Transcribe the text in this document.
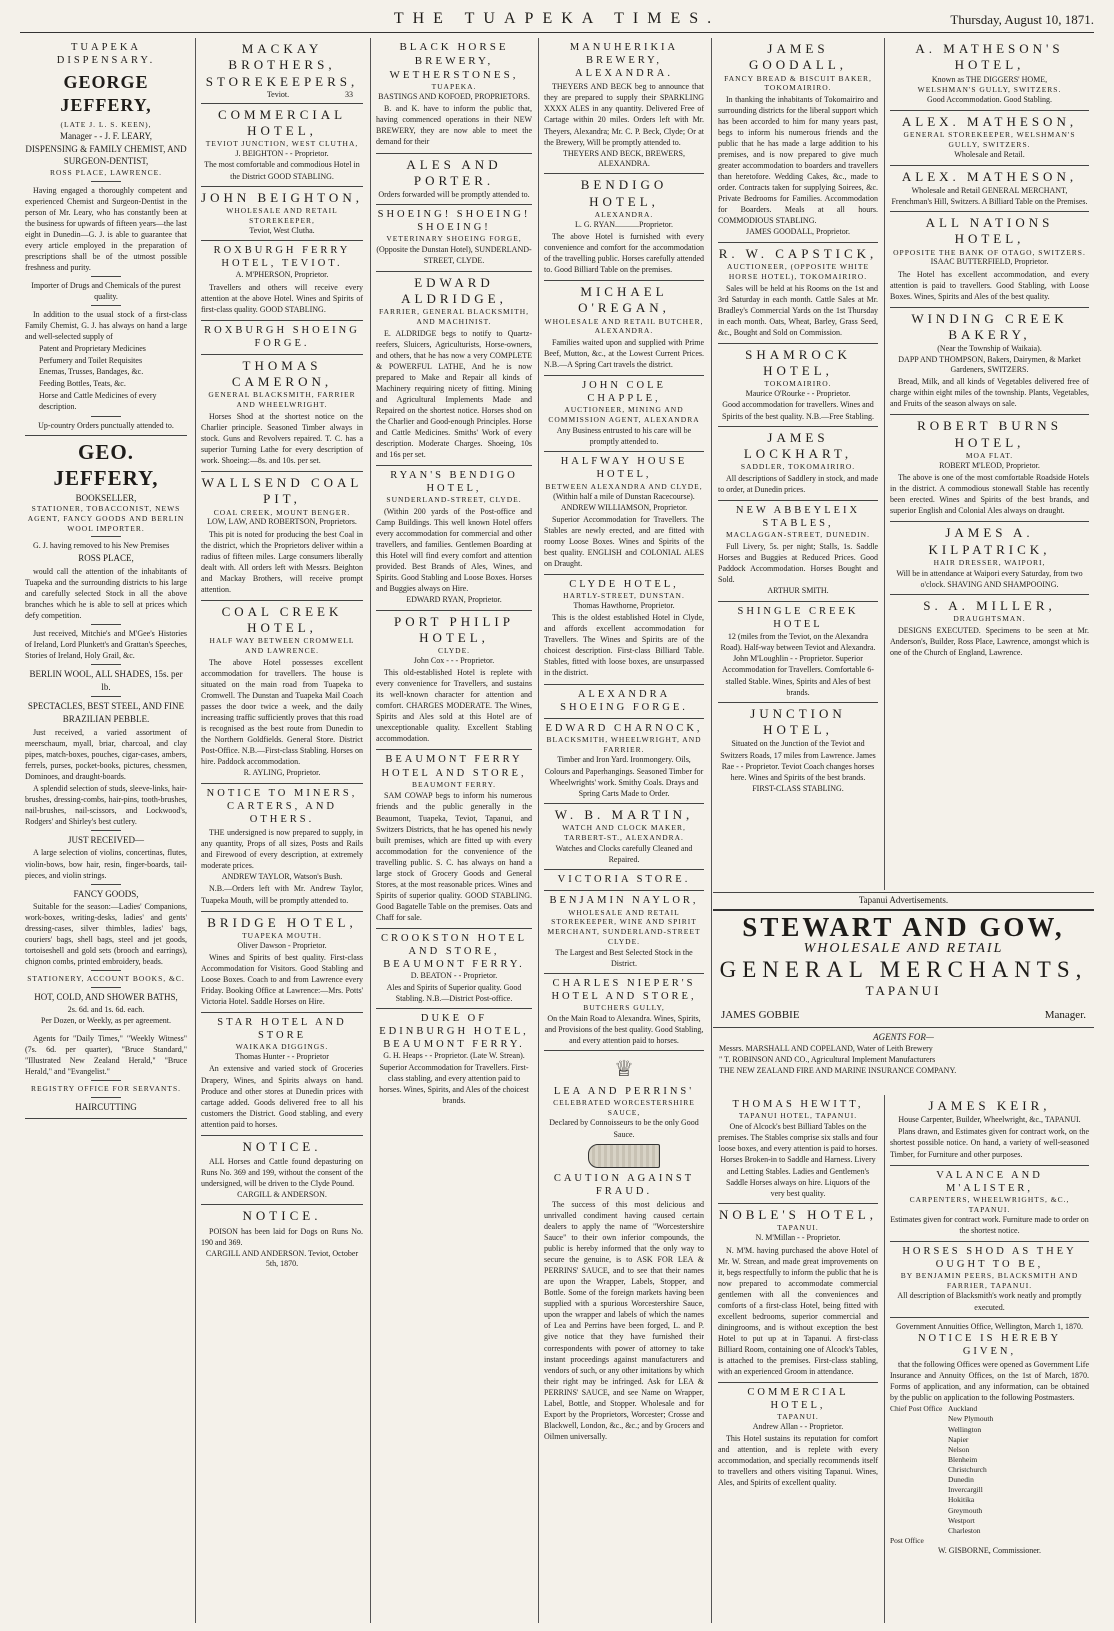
THE TUAPEKA TIMES.	Thursday, August 10, 1871.
TUAPEKA DISPENSARY.
GEORGE JEFFERY,
(LATE J. L. S. KEEN),
Manager - - J. F. LEARY,
DISPENSING & FAMILY CHEMIST, AND SURGEON-DENTIST,
ROSS PLACE, LAWRENCE.

Having engaged a thoroughly competent and experienced Chemist and Surgeon-Dentist in the person of Mr. Leary, who has constantly been at the business for upwards of fifteen years—the last eight in Dunedin—G. J. is able to guarantee that every article employed in the preparation of prescriptions shall be of the utmost possible freshness and purity.

Importer of Drugs and Chemicals of the purest quality.

In addition to the usual stock of a first-class Family Chemist, G. J. has always on hand a large and well-selected supply of

Patent and Proprietary Medicines
Perfumery and Toilet Requisites
Enemas, Trusses, Bandages, &c.
Feeding Bottles, Teats, &c.
Horse and Cattle Medicines of every description.
Up-country Orders punctually attended to.
GEO. JEFFERY,
BOOKSELLER,
STATIONER, TOBACCONIST, NEWS AGENT, FANCY GOODS AND BERLIN WOOL IMPORTER.

G. J. having removed to his New Premises

ROSS PLACE,

would call the attention of the inhabitants of Tuapeka and the surrounding districts to his large and carefully selected Stock in all the above branches which he is able to sell at prices which defy competition.

Just received, Mitchie's and M'Gee's Histories of Ireland, Lord Plunkett's and Grattan's Speeches, Stories of Ireland, Holy Grail, &c.

BERLIN WOOL, ALL SHADES, 15s. per lb.
SPECTACLES, BEST STEEL, AND FINE BRAZILIAN PEBBLE.

Just received, a varied assortment of meerschaum, myall, briar, charcoal, and clay pipes, match-boxes, pouches, cigar-cases, ambers, ferrels, purses, pocket-books, pictures, chessmen, Dominoes, and draught-boards.

A splendid selection of studs, sleeve-links, hair-brushes, dressing-combs, hair-pins, tooth-brushes, nail-brushes, nail-scissors, and Lockwood's, Rodgers' and Shirley's best cutlery.

JUST RECEIVED—

A large selection of violins, concertinas, flutes, violin-bows, bow hair, resin, finger-boards, tail-pieces, and violin strings.

FANCY GOODS,

Suitable for the season:—Ladies' Companions, work-boxes, writing-desks, ladies' and gents' dressing-cases, silver thimbles, ladies' bags, couriers' bags, shell bags, steel and jet goods, tortoiseshell and gold sets (brooch and earrings), chignon combs, printed embroidery, beads.

STATIONERY, ACCOUNT BOOKS, &C.
HOT, COLD, AND SHOWER BATHS,
2s. 6d. and 1s. 6d. each.
Per Dozen, or Weekly, as per agreement.

Agents for "Daily Times," "Weekly Witness" (7s. 6d. per quarter), "Bruce Standard," "Illustrated New Zealand Herald," "Bruce Herald," and "Evangelist."

REGISTRY OFFICE FOR SERVANTS.
HAIRCUTTING
MACKAY BROTHERS, STOREKEEPERS,
Teviot.	33
COMMERCIAL HOTEL,
TEVIOT JUNCTION, WEST CLUTHA,
J. BEIGHTON - - Proprietor.
The most comfortable and commodious Hotel in the District GOOD STABLING.
JOHN BEIGHTON,
WHOLESALE AND RETAIL STOREKEEPER,
Teviot, West Clutha.
ROXBURGH FERRY HOTEL, TEVIOT.
A. M'PHERSON, Proprietor.

Travellers and others will receive every attention at the above Hotel. Wines and Spirits of first-class quality. GOOD STABLING.

ROXBURGH SHOEING FORGE.
THOMAS CAMERON,
GENERAL BLACKSMITH, FARRIER AND WHEELWRIGHT.

Horses Shod at the shortest notice on the Charlier principle. Seasoned Timber always in stock. Guns and Revolvers repaired. T. C. has a superior Turning Lathe for every description of work. Shoeing:—8s. and 10s. per set.

WALLSEND COAL PIT,
COAL CREEK, MOUNT BENGER.
LOW, LAW, AND ROBERTSON, Proprietors.

This pit is noted for producing the best Coal in the district, which the Proprietors deliver within a radius of fifteen miles. Large consumers liberally dealt with. All orders left with Messrs. Beighton and Mackay Brothers, will receive prompt attention.

COAL CREEK HOTEL,
HALF WAY BETWEEN CROMWELL AND LAWRENCE.

The above Hotel possesses excellent accommodation for travellers. The house is situated on the main road from Tuapeka to Cromwell. The Dunstan and Tuapeka Mail Coach passes the door twice a week, and the daily increasing traffic sufficiently proves that this road is recognised as the best route from Dunedin to the Northern Goldfields. General Store. District Post-Office. N.B.—First-class Stabling. Horses on hire. Paddock accommodation.

R. AYLING, Proprietor.
NOTICE TO MINERS, CARTERS, AND OTHERS.

THE undersigned is now prepared to supply, in any quantity, Props of all sizes, Posts and Rails and Firewood of every description, at extremely moderate prices.

ANDREW TAYLOR, Watson's Bush.

N.B.—Orders left with Mr. Andrew Taylor, Tuapeka Mouth, will be promptly attended to.

BRIDGE HOTEL,
TUAPEKA MOUTH.
Oliver Dawson - Proprietor.

Wines and Spirits of best quality. First-class Accommodation for Visitors. Good Stabling and Loose Boxes. Coach to and from Lawrence every Friday. Booking Office at Lawrence:—Mrs. Potts' Victoria Hotel. Saddle Horses on Hire.

STAR HOTEL AND STORE
WAIKAKA DIGGINGS.
Thomas Hunter - - Proprietor

An extensive and varied stock of Groceries Drapery, Wines, and Spirits always on hand. Produce and other stores at Dunedin prices with cartage added. Goods delivered free to all his customers the District. Good stabling, and every attention paid to horses.

NOTICE.

ALL Horses and Cattle found depasturing on Runs No. 369 and 199, without the consent of the undersigned, will be driven to the Clyde Pound.

CARGILL & ANDERSON.
NOTICE.

POISON has been laid for Dogs on Runs No. 190 and 369.

CARGILL AND ANDERSON. Teviot, October 5th, 1870.
BLACK HORSE BREWERY, WETHERSTONES,
TUAPEKA.
BASTINGS AND KOFOED, PROPRIETORS.

B. and K. have to inform the public that, having commenced operations in their NEW BREWERY, they are now able to meet the demand for their

ALES AND PORTER.
Orders forwarded will be promptly attended to.
SHOEING! SHOEING! SHOEING!
VETERINARY SHOEING FORGE,
(Opposite the Dunstan Hotel), SUNDERLAND-STREET, CLYDE.
EDWARD ALDRIDGE,
FARRIER, GENERAL BLACKSMITH, AND MACHINIST.

E. ALDRIDGE begs to notify to Quartz-reefers, Sluicers, Agriculturists, Horse-owners, and others, that he has now a very COMPLETE & POWERFUL LATHE, And he is now prepared to Make and Repair all kinds of Machinery requiring nicety of fitting. Mining and Agricultural Implements Made and Repaired on the shortest notice. Horses shod on the Charlier and Good-enough Principles. Horse and Cattle Medicines. Smiths' Work of every description. Moderate Charges. Shoeing, 10s and 16s per set.

RYAN'S BENDIGO HOTEL,
SUNDERLAND-STREET, CLYDE.

(Within 200 yards of the Post-office and Camp Buildings. This well known Hotel offers every accommodation for commercial and other travellers, and families. Gentlemen Boarding at this Hotel will find every comfort and attention provided. Best Brands of Ales, Wines, and Spirits. Good Stabling and Loose Boxes. Horses and Buggies always on Hire.

EDWARD RYAN, Proprietor.
PORT PHILIP HOTEL,
CLYDE.
John Cox - - - Proprietor.

This old-established Hotel is replete with every convenience for Travellers, and sustains its well-known character for attention and comfort. CHARGES MODERATE. The Wines, Spirits and Ales sold at this Hotel are of unexceptionable quality. Excellent Stabling accommodation.

BEAUMONT FERRY HOTEL AND STORE,
BEAUMONT FERRY.

SAM COWAP begs to inform his numerous friends and the public generally in the Beaumont, Tuapeka, Teviot, Tapanui, and Switzers Districts, that he has opened his newly built premises, which are fitted up with every accommodation for the convenience of the travelling public. S. C. has always on hand a large stock of Grocery Goods and General Stores, at the most reasonable prices. Wines and Spirits of superior quality. GOOD STABLING. Good Bagatelle Table on the premises. Oats and Chaff for sale.

CROOKSTON HOTEL AND STORE, BEAUMONT FERRY.
D. BEATON - - Proprietor.
Ales and Spirits of Superior quality. Good Stabling. N.B.—District Post-office.
DUKE OF EDINBURGH HOTEL, BEAUMONT FERRY.
G. H. Heaps - - Proprietor. (Late W. Strean).
Superior Accommodation for Travellers. First-class stabling, and every attention paid to horses. Wines, Spirits, and Ales of the choicest brands.
MANUHERIKIA BREWERY, ALEXANDRA.

THEYERS AND BECK beg to announce that they are prepared to supply their SPARKLING XXXX ALES in any quantity. Delivered Free of Cartage within 20 miles. Orders left with Mr. Theyers, Alexandra; Mr. C. P. Beck, Clyde; Or at the Brewery, Will be promptly attended to.

THEYERS AND BECK, BREWERS, ALEXANDRA.
BENDIGO HOTEL,
ALEXANDRA.
L. G. RYAN............Proprietor.

The above Hotel is furnished with every convenience and comfort for the accommodation of the travelling public. Horses carefully attended to. Good Billiard Table on the premises.

MICHAEL O'REGAN,
WHOLESALE AND RETAIL BUTCHER, ALEXANDRA.

Families waited upon and supplied with Prime Beef, Mutton, &c., at the Lowest Current Prices. N.B.—A Spring Cart travels the district.

JOHN COLE CHAPPLE,
AUCTIONEER, MINING AND COMMISSION AGENT, ALEXANDRA
Any Business entrusted to his care will be promptly attended to.
HALFWAY HOUSE HOTEL,
BETWEEN ALEXANDRA AND CLYDE,
(Within half a mile of Dunstan Racecourse).
ANDREW WILLIAMSON, Proprietor.

Superior Accommodation for Travellers. The Stables are newly erected, and are fitted with roomy Loose Boxes. Wines and Spirits of the best quality. ENGLISH and COLONIAL ALES on Draught.

CLYDE HOTEL,
HARTLY-STREET, DUNSTAN.
Thomas Hawthorne, Proprietor.

This is the oldest established Hotel in Clyde, and affords excellent accommodation for Travellers. The Wines and Spirits are of the choicest description. First-class Billiard Table. Stables, fitted with loose boxes, are unsurpassed in the district.

ALEXANDRA SHOEING FORGE.
EDWARD CHARNOCK,
BLACKSMITH, WHEELWRIGHT, AND FARRIER.
Timber and Iron Yard. Ironmongery. Oils, Colours and Paperhangings. Seasoned Timber for Wheelwrights' work. Smithy Coals. Drays and Spring Carts Made to Order.
W. B. MARTIN,
WATCH AND CLOCK MAKER, TARBERT-ST., ALEXANDRA.
Watches and Clocks carefully Cleaned and Repaired.
VICTORIA STORE.
BENJAMIN NAYLOR,
WHOLESALE AND RETAIL STOREKEEPER, WINE AND SPIRIT MERCHANT, SUNDERLAND-STREET CLYDE.
The Largest and Best Selected Stock in the District.
CHARLES NIEPER'S HOTEL AND STORE,
BUTCHERS GULLY,
On the Main Road to Alexandra. Wines, Spirits, and Provisions of the best quality. Good Stabling, and every attention paid to horses.
♕
LEA AND PERRINS'
CELEBRATED WORCESTERSHIRE SAUCE,
Declared by Connoisseurs to be the only Good Sauce.
CAUTION AGAINST FRAUD.

The success of this most delicious and unrivalled condiment having caused certain dealers to apply the name of "Worcestershire Sauce" to their own inferior compounds, the public is hereby informed that the only way to secure the genuine, is to ASK FOR LEA & PERRINS' SAUCE, and to see that their names are upon the Wrapper, Labels, Stopper, and Bottle. Some of the foreign markets having been supplied with a spurious Worcestershire Sauce, upon the wrapper and labels of which the names of Lea and Perrins have been forged, L. and P. give notice that they have furnished their correspondents with power of attorney to take instant proceedings against manufacturers and vendors of such, or any other imitations by which their right may be infringed. Ask for LEA & PERRINS' SAUCE, and see Name on Wrapper, Label, Bottle, and Stopper. Wholesale and for Export by the Proprietors, Worcester; Crosse and Blackwell, London, &c., &c.; and by Grocers and Oilmen universally.

JAMES GOODALL,
FANCY BREAD & BISCUIT BAKER, TOKOMAIRIRO.

In thanking the inhabitants of Tokomairiro and surrounding districts for the liberal support which has been accorded to him for many years past, begs to inform his numerous friends and the public that he has made a large addition to his premises, and is now prepared to give much greater accommodation to boarders and travellers than heretofore. Wedding Cakes, &c., made to order. Contracts taken for supplying Soirees, &c. Private Bedrooms for Families. Accommodation for Boarders. Meals at all hours. COMMODIOUS STABLING.

JAMES GOODALL, Proprietor.
R. W. CAPSTICK,
AUCTIONEER, (OPPOSITE WHITE HORSE HOTEL), TOKOMAIRIRO.

Sales will be held at his Rooms on the 1st and 3rd Saturday in each month. Cattle Sales at Mr. Bradley's Commercial Yards on the 1st Thursday in each month. Oats, Wheat, Barley, Grass Seed, &c., Bought and Sold on Commission.

SHAMROCK HOTEL,
TOKOMAIRIRO.
Maurice O'Rourke - - Proprietor.
Good accommodation for travellers. Wines and Spirits of the best quality. N.B.—Free Stabling.
JAMES LOCKHART,
SADDLER, TOKOMAIRIRO.

All descriptions of Saddlery in stock, and made to order, at Dunedin prices.

NEW ABBEYLEIX STABLES,
MACLAGGAN-STREET, DUNEDIN.

Full Livery, 5s. per night; Stalls, 1s. Saddle Horses and Buggies at Reduced Prices. Good Paddock Accommodation. Horses Bought and Sold.

ARTHUR SMITH.
SHINGLE CREEK HOTEL
12 (miles from the Teviot, on the Alexandra Road). Half-way between Teviot and Alexandra. John M'Loughlin - - Proprietor. Superior Accommodation for Travellers. Comfortable 6-stalled Stable. Wines, Spirits and Ales of best brands.
JUNCTION HOTEL,
Situated on the Junction of the Teviot and Switzers Roads, 17 miles from Lawrence. James Rae - - Proprietor. Teviot Coach changes horses here. Wines and Spirits of the best brands. FIRST-CLASS STABLING.
A. MATHESON'S HOTEL,
Known as THE DIGGERS' HOME,
WELSHMAN'S GULLY, SWITZERS.
Good Accommodation. Good Stabling.
ALEX. MATHESON,
GENERAL STOREKEEPER, WELSHMAN'S GULLY, SWITZERS.
Wholesale and Retail.
ALEX. MATHESON,
Wholesale and Retail GENERAL MERCHANT,
Frenchman's Hill, Switzers. A Billiard Table on the Premises.
ALL NATIONS HOTEL,
OPPOSITE THE BANK OF OTAGO, SWITZERS.
ISAAC BUTTERFIELD, Proprietor.

The Hotel has excellent accommodation, and every attention is paid to travellers. Good Stabling, with Loose Boxes. Wines, Spirits and Ales of the best quality.

WINDING CREEK BAKERY,
(Near the Township of Waikaia).
DAPP AND THOMPSON, Bakers, Dairymen, & Market Gardeners, SWITZERS.

Bread, Milk, and all kinds of Vegetables delivered free of charge within eight miles of the township. Plants, Vegetables, and Fruits of the season always on sale.

ROBERT BURNS HOTEL,
MOA FLAT.
ROBERT M'LEOD, Proprietor.

The above is one of the most comfortable Roadside Hotels in the district. A commodious stonewall Stable has recently been erected. Wines and Spirits of the best brands, and superior English and Colonial Ales always on draught.

JAMES A. KILPATRICK,
HAIR DRESSER, WAIPORI,
Will be in attendance at Waipori every Saturday, from two o'clock. SHAVING AND SHAMPOOING.
S. A. MILLER,
DRAUGHTSMAN.

DESIGNS EXECUTED. Specimens to be seen at Mr. Anderson's, Builder, Ross Place, Lawrence, amongst which is one of the Church of England, Lawrence.

Tapanui Advertisements.
STEWART AND GOW,
WHOLESALE AND RETAIL
GENERAL MERCHANTS,
TAPANUI
JAMES GOBBIE	Manager.
AGENTS FOR—
Messrs. MARSHALL AND COPELAND, Water of Leith Brewery
" T. ROBINSON AND CO., Agricultural Implement Manufacturers
THE NEW ZEALAND FIRE AND MARINE INSURANCE COMPANY.
THOMAS HEWITT,
TAPANUI HOTEL, TAPANUI.
One of Alcock's best Billiard Tables on the premises. The Stables comprise six stalls and four loose boxes, and every attention is paid to horses. Horses Broken-in to Saddle and Harness. Livery and Letting Stables. Ladies and Gentlemen's Saddle Horses always on hire. Liquors of the very best quality.
NOBLE'S HOTEL,
TAPANUI.
N. M'Millan - - Proprietor.

N. M'M. having purchased the above Hotel of Mr. W. Strean, and made great improvements on it, begs respectfully to inform the public that he is now prepared to accommodate commercial gentlemen with all the conveniences and comforts of a first-class Hotel, being fitted with excellent bedrooms, superior commercial and diningrooms, and is without exception the best Hotel to put up at in Tapanui. A first-class Billiard Room, containing one of Alcock's Tables, is attached to the premises. First-class stabling, with an experienced Groom in attendance.

COMMERCIAL HOTEL,
TAPANUI.
Andrew Allan - - Proprietor.

This Hotel sustains its reputation for comfort and attention, and is replete with every accommodation, and specially recommends itself to travellers and others visiting Tapanui. Wines, Ales, and Spirits of excellent quality.

JAMES KEIR,
House Carpenter, Builder, Wheelwright, &c., TAPANUI.

Plans drawn, and Estimates given for contract work, on the shortest possible notice. On hand, a variety of well-seasoned Timber, for Furniture and other purposes.

VALANCE AND M'ALISTER,
CARPENTERS, WHEELWRIGHTS, &C., TAPANUI.
Estimates given for contract work. Furniture made to order on the shortest notice.
HORSES SHOD AS THEY OUGHT TO BE,
BY BENJAMIN PEERS, BLACKSMITH AND FARRIER, TAPANUI.
All description of Blacksmith's work neatly and promptly executed.
Government Annuities Office, Wellington, March 1, 1870.
NOTICE IS HEREBY GIVEN,

that the following Offices were opened as Government Life Insurance and Annuity Offices, on the 1st of March, 1870. Forms of application, and any information, can be obtained by the public on application to the following Postmasters.

Chief Post Office Auckland
New Plymouth
Wellington
Napier
Nelson
Blenheim
Christchurch
Dunedin
Invercargill
Hokitika
Greymouth
Westport
Charleston
Post Office
W. GISBORNE, Commissioner.
